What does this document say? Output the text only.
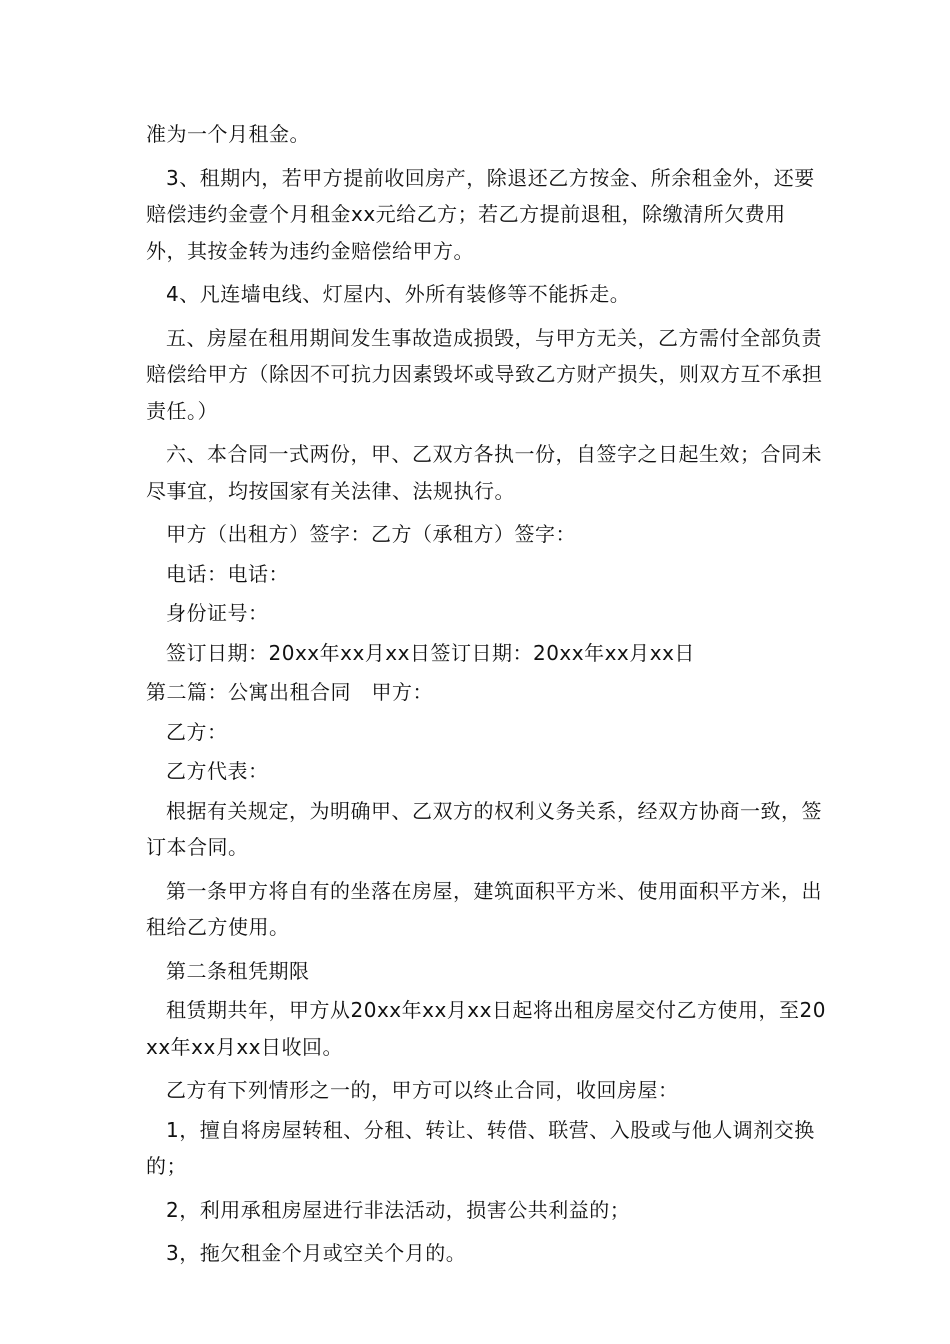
准为一个月租金。

3、租期内，若甲方提前收回房产，除退还乙方按金、所余租金外，还要赔偿违约金壹个月租金xx元给乙方；若乙方提前退租，除缴清所欠费用外，其按金转为违约金赔偿给甲方。

4、凡连墙电线、灯屋内、外所有装修等不能拆走。

五、房屋在租用期间发生事故造成损毁，与甲方无关，乙方需付全部负责赔偿给甲方（除因不可抗力因素毁坏或导致乙方财产损失，则双方互不承担责任。）

六、本合同一式两份，甲、乙双方各执一份，自签字之日起生效；合同未尽事宜，均按国家有关法律、法规执行。

甲方（出租方）签字：乙方（承租方）签字：

电话：电话：

身份证号：

签订日期：20xx年xx月xx日签订日期：20xx年xx月xx日

第二篇：公寓出租合同　甲方：

乙方：

乙方代表：

根据有关规定，为明确甲、乙双方的权利义务关系，经双方协商一致，签订本合同。

第一条甲方将自有的坐落在房屋，建筑面积平方米、使用面积平方米，出租给乙方使用。

第二条租凭期限

租赁期共年，甲方从20xx年xx月xx日起将出租房屋交付乙方使用，至20xx年xx月xx日收回。

乙方有下列情形之一的，甲方可以终止合同，收回房屋：

1，擅自将房屋转租、分租、转让、转借、联营、入股或与他人调剂交换的；

2，利用承租房屋进行非法活动，损害公共利益的；

3，拖欠租金个月或空关个月的。
